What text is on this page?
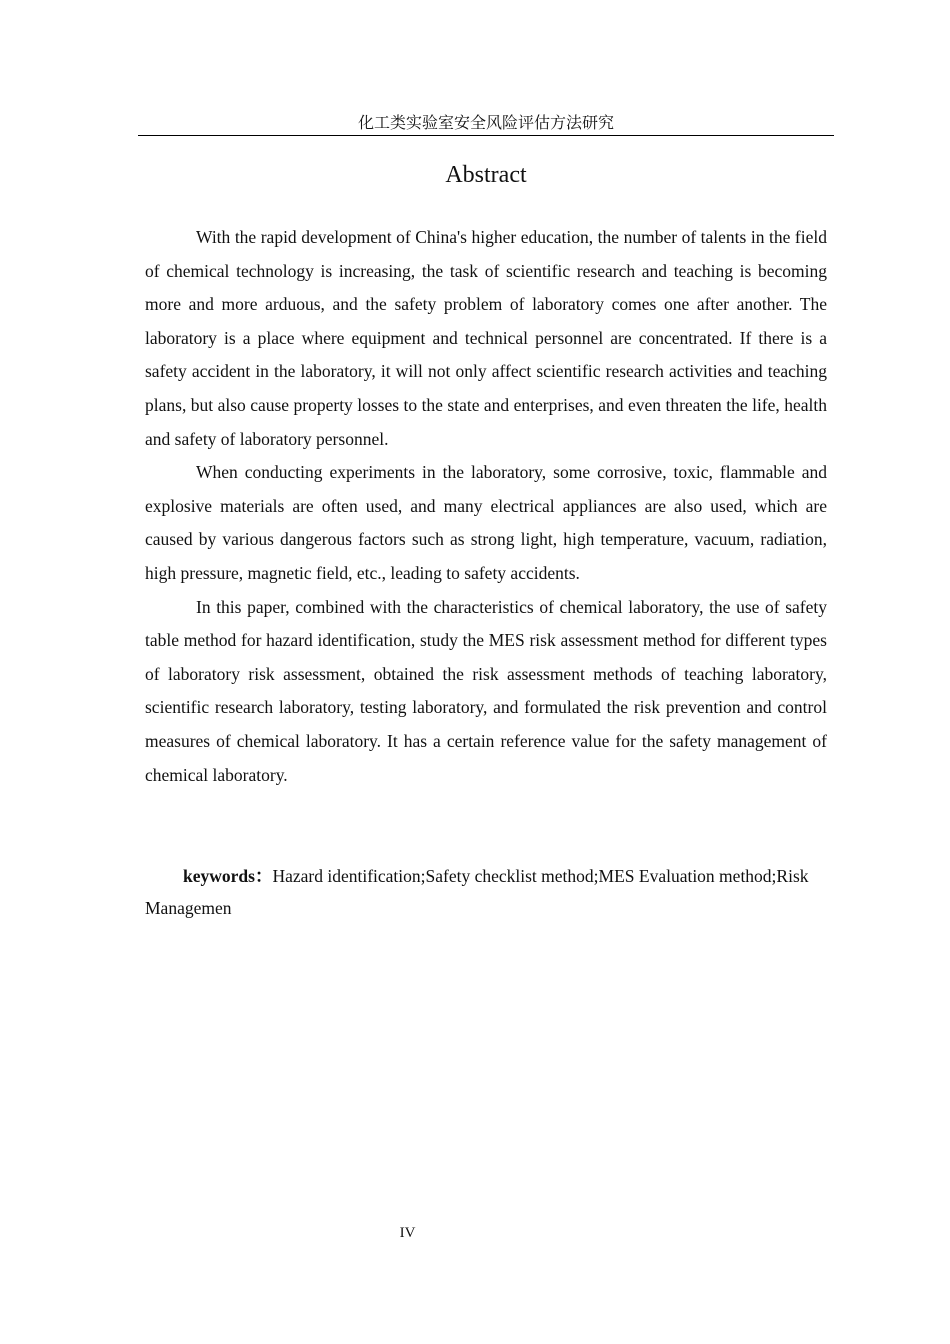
化工类实验室安全风险评估方法研究
Abstract

With the rapid development of China's higher education, the number of talents in the field of chemical technology is increasing, the task of scientific research and teaching is becoming more and more arduous, and the safety problem of laboratory comes one after another. The laboratory is a place where equipment and technical personnel are concentrated. If there is a safety accident in the laboratory, it will not only affect scientific research activities and teaching plans, but also cause property losses to the state and enterprises, and even threaten the life, health and safety of laboratory personnel.

When conducting experiments in the laboratory, some corrosive, toxic, flammable and explosive materials are often used, and many electrical appliances are also used, which are caused by various dangerous factors such as strong light, high temperature, vacuum, radiation, high pressure, magnetic field, etc., leading to safety accidents.

In this paper, combined with the characteristics of chemical laboratory, the use of safety table method for hazard identification, study the MES risk assessment method for different types of laboratory risk assessment, obtained the risk assessment methods of teaching laboratory, scientific research laboratory, testing laboratory, and formulated the risk prevention and control measures of chemical laboratory. It has a certain reference value for the safety management of chemical laboratory.

keywords：Hazard identification;Safety checklist method;MES Evaluation method;Risk Managemen
IV
